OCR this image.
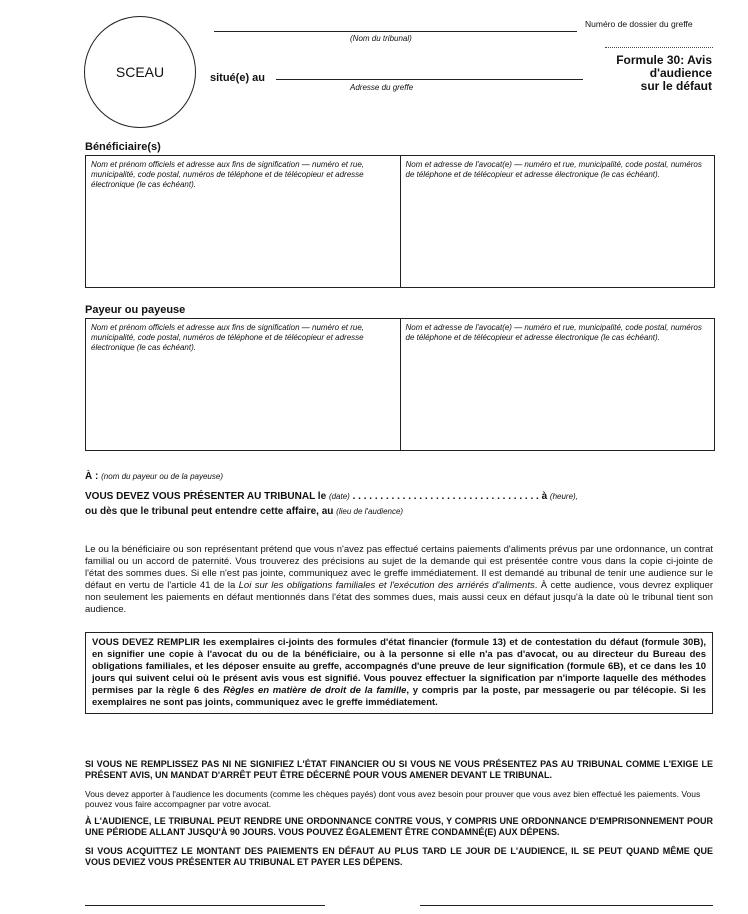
SCEAU
(Nom du tribunal)
situé(e) au
Adresse du greffe
Numéro de dossier du greffe
Formule 30: Avis
d'audience
sur le défaut
Bénéficiaire(s)
Nom et prénom officiels et adresse aux fins de signification — numéro et rue, municipalité, code postal, numéros de téléphone et de télécopieur et adresse électronique (le cas échéant).
Nom et adresse de l'avocat(e) — numéro et rue, municipalité, code postal, numéros de téléphone et de télécopieur et adresse électronique (le cas échéant).
Payeur ou payeuse
Nom et prénom officiels et adresse aux fins de signification — numéro et rue, municipalité, code postal, numéros de téléphone et de télécopieur et adresse électronique (le cas échéant).
Nom et adresse de l'avocat(e) — numéro et rue, municipalité, code postal, numéros de téléphone et de télécopieur et adresse électronique (le cas échéant).
À : (nom du payeur ou de la payeuse)
VOUS DEVEZ VOUS PRÉSENTER AU TRIBUNAL le (date) . . . . . . . . . . . . . . . . . . . . . . . . . . . . . . . . . . à (heure),
ou dès que le tribunal peut entendre cette affaire, au (lieu de l'audience)
Le ou la bénéficiaire ou son représentant prétend que vous n'avez pas effectué certains paiements d'aliments prévus par une ordonnance, un contrat familial ou un accord de paternité. Vous trouverez des précisions au sujet de la demande qui est présentée contre vous dans la copie ci-jointe de l'état des sommes dues. Si elle n'est pas jointe, communiquez avec le greffe immédiatement. Il est demandé au tribunal de tenir une audience sur le défaut en vertu de l'article 41 de la Loi sur les obligations familiales et l'exécution des arriérés d'aliments. À cette audience, vous devrez expliquer non seulement les paiements en défaut mentionnés dans l'état des sommes dues, mais aussi ceux en défaut jusqu'à la date où le tribunal tient son audience.
VOUS DEVEZ REMPLIR les exemplaires ci-joints des formules d'état financier (formule 13) et de contestation du défaut (formule 30B), en signifier une copie à l'avocat du ou de la bénéficiaire, ou à la personne si elle n'a pas d'avocat, ou au directeur du Bureau des obligations familiales, et les déposer ensuite au greffe, accompagnés d'une preuve de leur signification (formule 6B), et ce dans les 10 jours qui suivent celui où le présent avis vous est signifié. Vous pouvez effectuer la signification par n'importe laquelle des méthodes permises par la règle 6 des Règles en matière de droit de la famille, y compris par la poste, par messagerie ou par télécopie. Si les exemplaires ne sont pas joints, communiquez avec le greffe immédiatement.
SI VOUS NE REMPLISSEZ PAS NI NE SIGNIFIEZ L'ÉTAT FINANCIER OU SI VOUS NE VOUS PRÉSENTEZ PAS AU TRIBUNAL COMME L'EXIGE LE PRÉSENT AVIS, UN MANDAT D'ARRÊT PEUT ÊTRE DÉCERNÉ POUR VOUS AMENER DEVANT LE TRIBUNAL.
Vous devez apporter à l'audience les documents (comme les chèques payés) dont vous avez besoin pour prouver que vous avez bien effectué les paiements. Vous pouvez vous faire accompagner par votre avocat.
À L'AUDIENCE, LE TRIBUNAL PEUT RENDRE UNE ORDONNANCE CONTRE VOUS, Y COMPRIS UNE ORDONNANCE D'EMPRISONNEMENT POUR UNE PÉRIODE ALLANT JUSQU'À 90 JOURS. VOUS POUVEZ ÉGALEMENT ÊTRE CONDAMNÉ(E) AUX DÉPENS.
SI VOUS ACQUITTEZ LE MONTANT DES PAIEMENTS EN DÉFAUT AU PLUS TARD LE JOUR DE L'AUDIENCE, IL SE PEUT QUAND MÊME QUE VOUS DEVIEZ VOUS PRÉSENTER AU TRIBUNAL ET PAYER LES DÉPENS.
